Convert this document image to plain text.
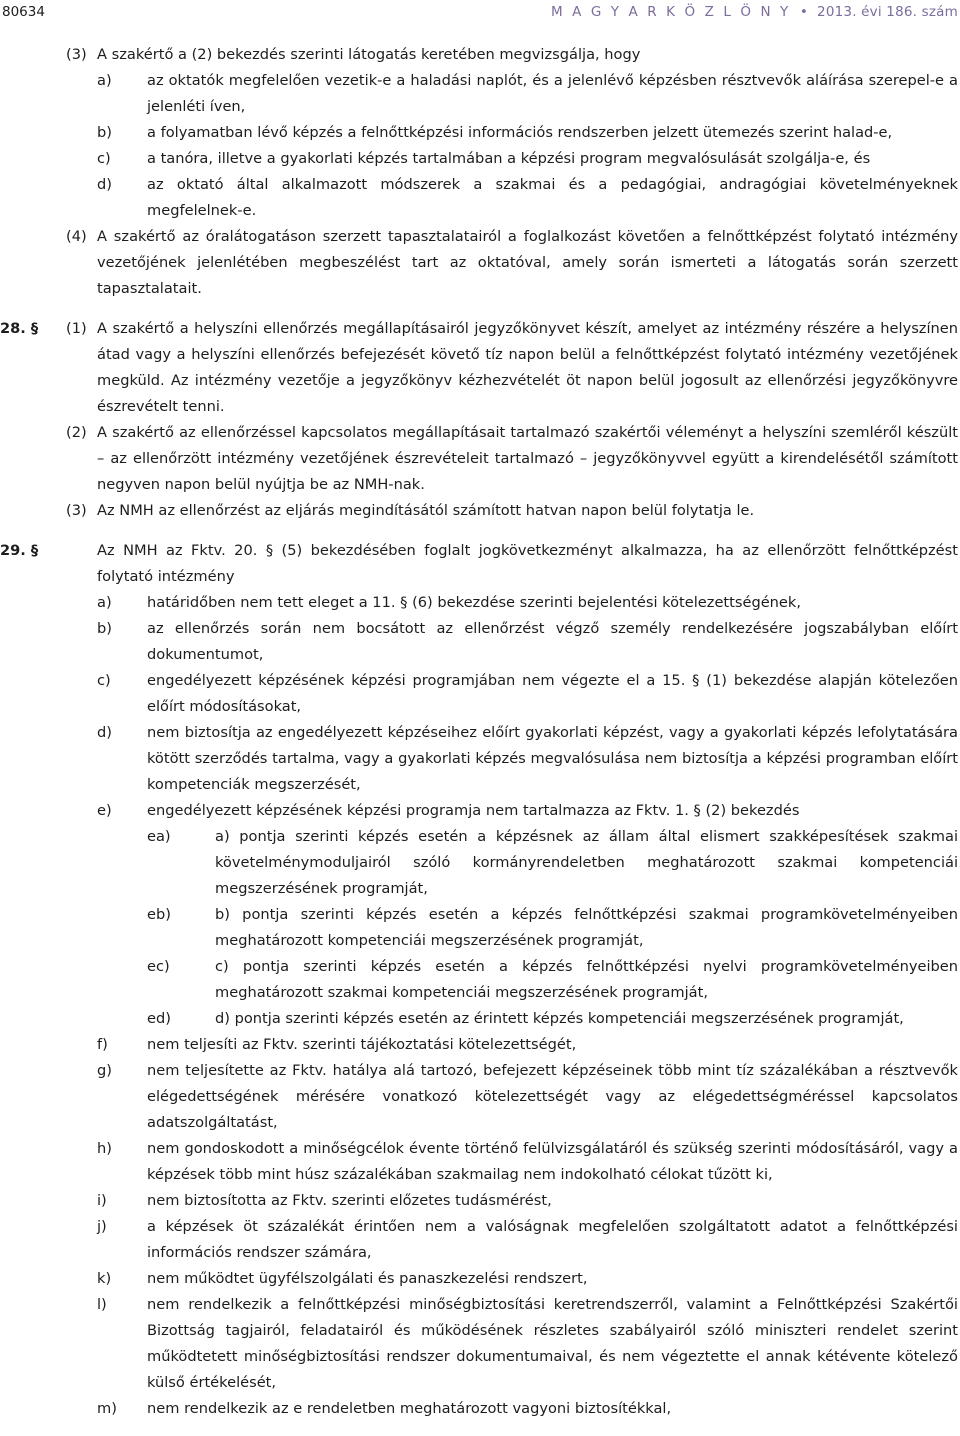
80634	M A G Y A R K Ö Z L Ö N Y • 2013. évi 186. szám
(3) A szakértő a (2) bekezdés szerinti látogatás keretében megvizsgálja, hogy
a) az oktatók megfelelően vezetik-e a haladási naplót, és a jelenlévő képzésben résztvevők aláírása szerepel-e a jelenléti íven,
b) a folyamatban lévő képzés a felnőttképzési információs rendszerben jelzett ütemezés szerint halad-e,
c) a tanóra, illetve a gyakorlati képzés tartalmában a képzési program megvalósulását szolgálja-e, és
d) az oktató által alkalmazott módszerek a szakmai és a pedagógiai, andragógiai követelményeknek megfelelnek-e.
(4) A szakértő az óralátogatáson szerzett tapasztalatairól a foglalkozást követően a felnőttképzést folytató intézmény vezetőjének jelenlétében megbeszélést tart az oktatóval, amely során ismerteti a látogatás során szerzett tapasztalatait.
28. § (1) A szakértő a helyszíni ellenőrzés megállapításairól jegyzőkönyvet készít, amelyet az intézmény részére a helyszínen átad vagy a helyszíni ellenőrzés befejezését követő tíz napon belül a felnőttképzést folytató intézmény vezetőjének megküld. Az intézmény vezetője a jegyzőkönyv kézhezvételét öt napon belül jogosult az ellenőrzési jegyzőkönyvre észrevételt tenni.
(2) A szakértő az ellenőrzéssel kapcsolatos megállapításait tartalmazó szakértői véleményt a helyszíni szemléről készült – az ellenőrzött intézmény vezetőjének észrevételeit tartalmazó – jegyzőkönyvvel együtt a kirendelésétől számított negyven napon belül nyújtja be az NMH-nak.
(3) Az NMH az ellenőrzést az eljárás megindításától számított hatvan napon belül folytatja le.
29. §	Az NMH az Fktv. 20. § (5) bekezdésében foglalt jogkövetkezményt alkalmazza, ha az ellenőrzött felnőttképzést folytató intézmény
a) határidőben nem tett eleget a 11. § (6) bekezdése szerinti bejelentési kötelezettségének,
b) az ellenőrzés során nem bocsátott az ellenőrzést végző személy rendelkezésére jogszabályban előírt dokumentumot,
c) engedélyezett képzésének képzési programjában nem végezte el a 15. § (1) bekezdése alapján kötelezően előírt módosításokat,
d) nem biztosítja az engedélyezett képzéseihez előírt gyakorlati képzést, vagy a gyakorlati képzés lefolytatására kötött szerződés tartalma, vagy a gyakorlati képzés megvalósulása nem biztosítja a képzési programban előírt kompetenciák megszerzését,
e) engedélyezett képzésének képzési programja nem tartalmazza az Fktv. 1. § (2) bekezdés
ea)	a) pontja szerinti képzés esetén a képzésnek az állam által elismert szakképesítések szakmai követelménymoduljairól szóló kormányrendeletben meghatározott szakmai kompetenciái megszerzésének programját,
eb)	b) pontja szerinti képzés esetén a képzés felnőttképzési szakmai programkövetelményeiben meghatározott kompetenciái megszerzésének programját,
ec)	c) pontja szerinti képzés esetén a képzés felnőttképzési nyelvi programkövetelményeiben meghatározott szakmai kompetenciái megszerzésének programját,
ed)	d) pontja szerinti képzés esetén az érintett képzés kompetenciái megszerzésének programját,
f)	nem teljesíti az Fktv. szerinti tájékoztatási kötelezettségét,
g) nem teljesítette az Fktv. hatálya alá tartozó, befejezett képzéseinek több mint tíz százalékában a résztvevők elégedettségének mérésére vonatkozó kötelezettségét vagy az elégedettségméréssel kapcsolatos adatszolgáltatást,
h) nem gondoskodott a minőségcélok évente történő felülvizsgálatáról és szükség szerinti módosításáról, vagy a képzések több mint húsz százalékában szakmailag nem indokolható célokat tűzött ki,
i)	nem biztosította az Fktv. szerinti előzetes tudásmérést,
j)	a képzések öt százalékát érintően nem a valóságnak megfelelően szolgáltatott adatot a felnőttképzési információs rendszer számára,
k) nem működtet ügyfélszolgálati és panaszkezelési rendszert,
l)	nem rendelkezik a felnőttképzési minőségbiztosítási keretrendszerről, valamint a Felnőttképzési Szakértői Bizottság tagjairól, feladatairól és működésének részletes szabályairól szóló miniszteri rendelet szerint működtetett minőségbiztosítási rendszer dokumentumaival, és nem végeztette el annak kétévente kötelező külső értékelését,
m) nem rendelkezik az e rendeletben meghatározott vagyoni biztosítékkal,
